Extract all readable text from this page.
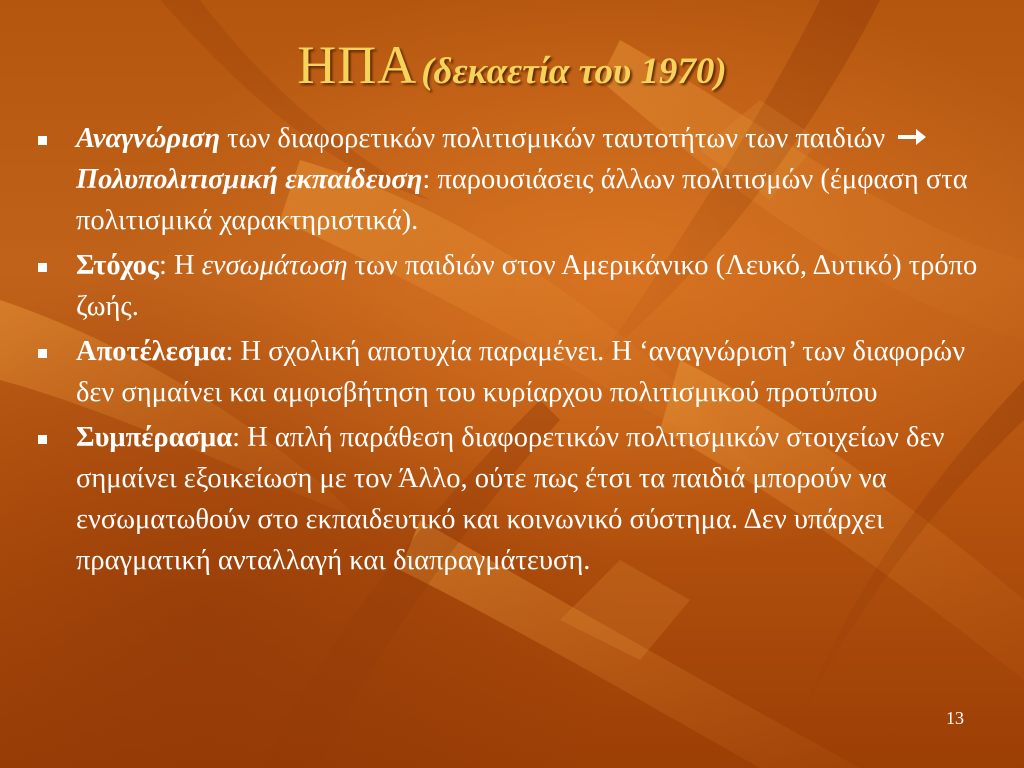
ΗΠΑ (δεκαετία του 1970)
Αναγνώριση των διαφορετικών πολιτισμικών ταυτοτήτων των παιδιών  Πολυπολιτισμική εκπαίδευση: παρουσιάσεις άλλων πολιτισμών (έμφαση στα πολιτισμικά χαρακτηριστικά).
Στόχος: Η ενσωμάτωση των παιδιών στον Αμερικάνικο (Λευκό, Δυτικό) τρόπο ζωής.
Αποτέλεσμα: Η σχολική αποτυχία παραμένει. Η ‘αναγνώριση’ των διαφορών δεν σημαίνει και αμφισβήτηση του κυρίαρχου πολιτισμικού προτύπου
Συμπέρασμα: Η απλή παράθεση διαφορετικών πολιτισμικών στοιχείων δεν σημαίνει εξοικείωση με τον Άλλο, ούτε πως έτσι τα παιδιά μπορούν να ενσωματωθούν στο εκπαιδευτικό και κοινωνικό σύστημα. Δεν υπάρχει πραγματική ανταλλαγή και διαπραγμάτευση.
13
